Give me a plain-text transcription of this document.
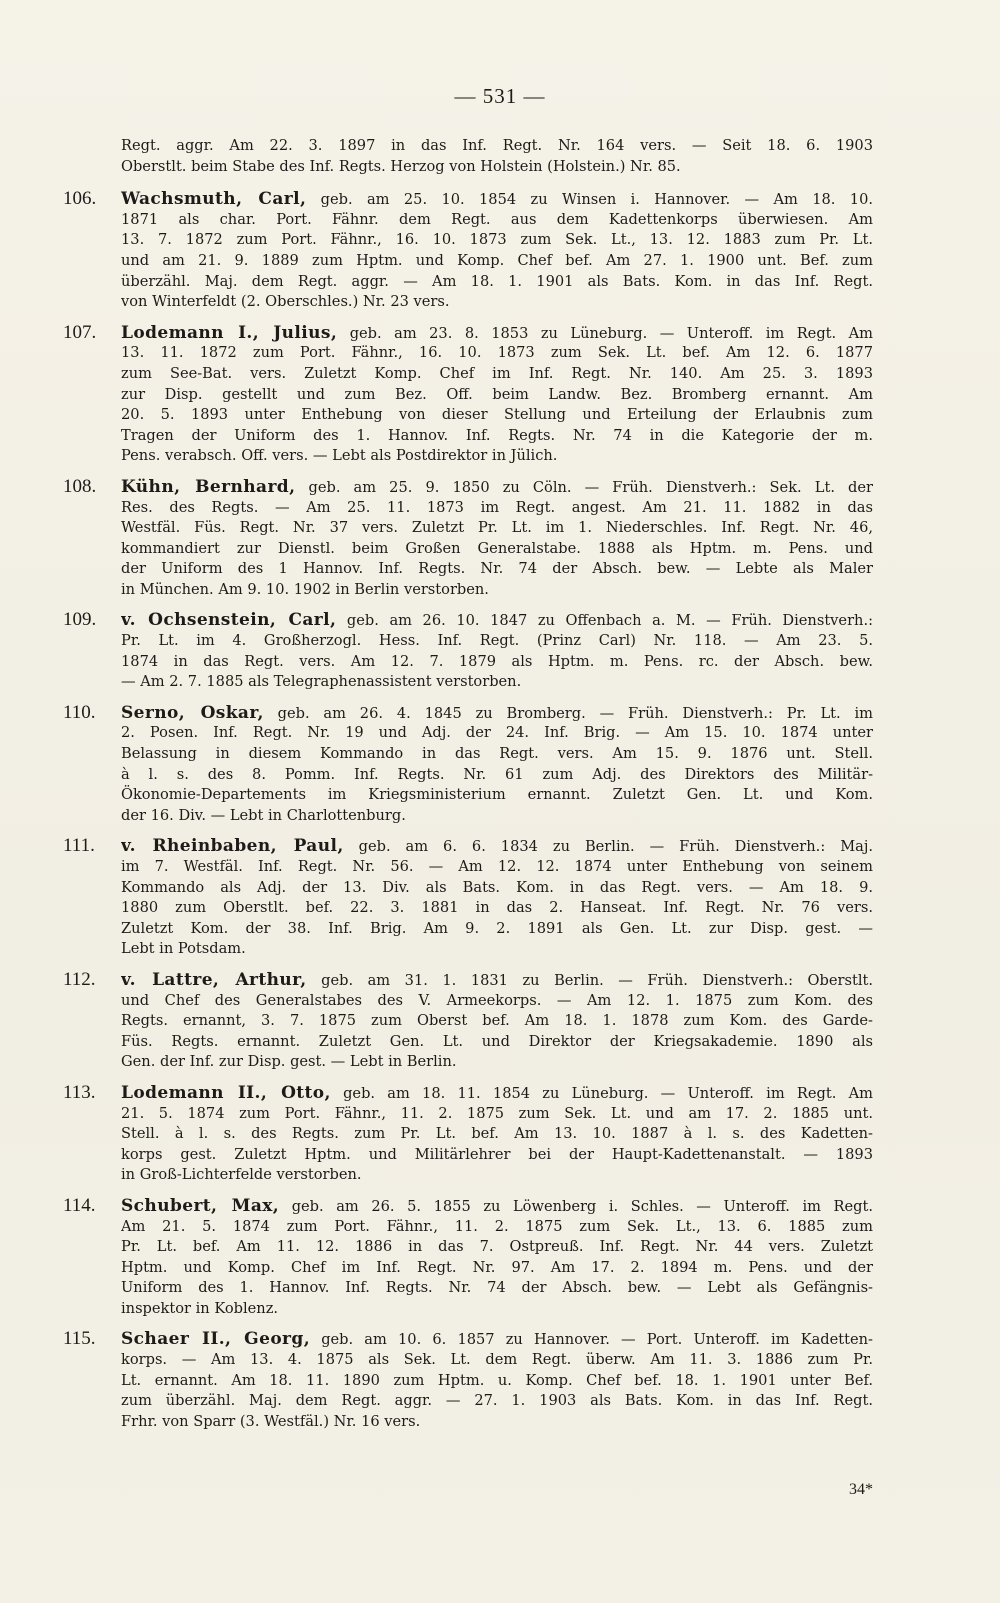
— 531 —
Regt. aggr. Am 22. 3. 1897 in das Inf. Regt. Nr. 164 vers. — Seit 18. 6. 1903
Oberstlt. beim Stabe des Inf. Regts. Herzog von Holstein (Holstein.) Nr. 85.
106. Wachsmuth, Carl, geb. am 25. 10. 1854 zu Winsen i. Hannover. — Am 18. 10.
1871 als char. Port. Fähnr. dem Regt. aus dem Kadettenkorps überwiesen. Am
13. 7. 1872 zum Port. Fähnr., 16. 10. 1873 zum Sek. Lt., 13. 12. 1883 zum Pr. Lt.
und am 21. 9. 1889 zum Hptm. und Komp. Chef bef. Am 27. 1. 1900 unt. Bef. zum
überzähl. Maj. dem Regt. aggr. — Am 18. 1. 1901 als Bats. Kom. in das Inf. Regt.
von Winterfeldt (2. Oberschles.) Nr. 23 vers.
107. Lodemann I., Julius, geb. am 23. 8. 1853 zu Lüneburg. — Unteroff. im Regt. Am
13. 11. 1872 zum Port. Fähnr., 16. 10. 1873 zum Sek. Lt. bef. Am 12. 6. 1877
zum See-Bat. vers. Zuletzt Komp. Chef im Inf. Regt. Nr. 140. Am 25. 3. 1893
zur Disp. gestellt und zum Bez. Off. beim Landw. Bez. Bromberg ernannt. Am
20. 5. 1893 unter Enthebung von dieser Stellung und Erteilung der Erlaubnis zum
Tragen der Uniform des 1. Hannov. Inf. Regts. Nr. 74 in die Kategorie der m.
Pens. verabsch. Off. vers. — Lebt als Postdirektor in Jülich.
108. Kühn, Bernhard, geb. am 25. 9. 1850 zu Cöln. — Früh. Dienstverh.: Sek. Lt. der
Res. des Regts. — Am 25. 11. 1873 im Regt. angest. Am 21. 11. 1882 in das
Westfäl. Füs. Regt. Nr. 37 vers. Zuletzt Pr. Lt. im 1. Niederschles. Inf. Regt. Nr. 46,
kommandiert zur Dienstl. beim Großen Generalstabe. 1888 als Hptm. m. Pens. und
der Uniform des 1 Hannov. Inf. Regts. Nr. 74 der Absch. bew. — Lebte als Maler
in München. Am 9. 10. 1902 in Berlin verstorben.
109. v. Ochsenstein, Carl, geb. am 26. 10. 1847 zu Offenbach a. M. — Früh. Dienstverh.:
Pr. Lt. im 4. Großherzogl. Hess. Inf. Regt. (Prinz Carl) Nr. 118. — Am 23. 5.
1874 in das Regt. vers. Am 12. 7. 1879 als Hptm. m. Pens. rc. der Absch. bew.
— Am 2. 7. 1885 als Telegraphenassistent verstorben.
110. Serno, Oskar, geb. am 26. 4. 1845 zu Bromberg. — Früh. Dienstverh.: Pr. Lt. im
2. Posen. Inf. Regt. Nr. 19 und Adj. der 24. Inf. Brig. — Am 15. 10. 1874 unter
Belassung in diesem Kommando in das Regt. vers. Am 15. 9. 1876 unt. Stell.
à l. s. des 8. Pomm. Inf. Regts. Nr. 61 zum Adj. des Direktors des Militär-
Ökonomie-Departements im Kriegsministerium ernannt. Zuletzt Gen. Lt. und Kom.
der 16. Div. — Lebt in Charlottenburg.
111. v. Rheinbaben, Paul, geb. am 6. 6. 1834 zu Berlin. — Früh. Dienstverh.: Maj.
im 7. Westfäl. Inf. Regt. Nr. 56. — Am 12. 12. 1874 unter Enthebung von seinem
Kommando als Adj. der 13. Div. als Bats. Kom. in das Regt. vers. — Am 18. 9.
1880 zum Oberstlt. bef. 22. 3. 1881 in das 2. Hanseat. Inf. Regt. Nr. 76 vers.
Zuletzt Kom. der 38. Inf. Brig. Am 9. 2. 1891 als Gen. Lt. zur Disp. gest. —
Lebt in Potsdam.
112. v. Lattre, Arthur, geb. am 31. 1. 1831 zu Berlin. — Früh. Dienstverh.: Oberstlt.
und Chef des Generalstabes des V. Armeekorps. — Am 12. 1. 1875 zum Kom. des
Regts. ernannt, 3. 7. 1875 zum Oberst bef. Am 18. 1. 1878 zum Kom. des Garde-
Füs. Regts. ernannt. Zuletzt Gen. Lt. und Direktor der Kriegsakademie. 1890 als
Gen. der Inf. zur Disp. gest. — Lebt in Berlin.
113. Lodemann II., Otto, geb. am 18. 11. 1854 zu Lüneburg. — Unteroff. im Regt. Am
21. 5. 1874 zum Port. Fähnr., 11. 2. 1875 zum Sek. Lt. und am 17. 2. 1885 unt.
Stell. à l. s. des Regts. zum Pr. Lt. bef. Am 13. 10. 1887 à l. s. des Kadetten-
korps gest. Zuletzt Hptm. und Militärlehrer bei der Haupt-Kadettenanstalt. — 1893
in Groß-Lichterfelde verstorben.
114. Schubert, Max, geb. am 26. 5. 1855 zu Löwenberg i. Schles. — Unteroff. im Regt.
Am 21. 5. 1874 zum Port. Fähnr., 11. 2. 1875 zum Sek. Lt., 13. 6. 1885 zum
Pr. Lt. bef. Am 11. 12. 1886 in das 7. Ostpreuß. Inf. Regt. Nr. 44 vers. Zuletzt
Hptm. und Komp. Chef im Inf. Regt. Nr. 97. Am 17. 2. 1894 m. Pens. und der
Uniform des 1. Hannov. Inf. Regts. Nr. 74 der Absch. bew. — Lebt als Gefängnis-
inspektor in Koblenz.
115. Schaer II., Georg, geb. am 10. 6. 1857 zu Hannover. — Port. Unteroff. im Kadetten-
korps. — Am 13. 4. 1875 als Sek. Lt. dem Regt. überw. Am 11. 3. 1886 zum Pr.
Lt. ernannt. Am 18. 11. 1890 zum Hptm. u. Komp. Chef bef. 18. 1. 1901 unter Bef.
zum überzähl. Maj. dem Regt. aggr. — 27. 1. 1903 als Bats. Kom. in das Inf. Regt.
Frhr. von Sparr (3. Westfäl.) Nr. 16 vers.
34*
